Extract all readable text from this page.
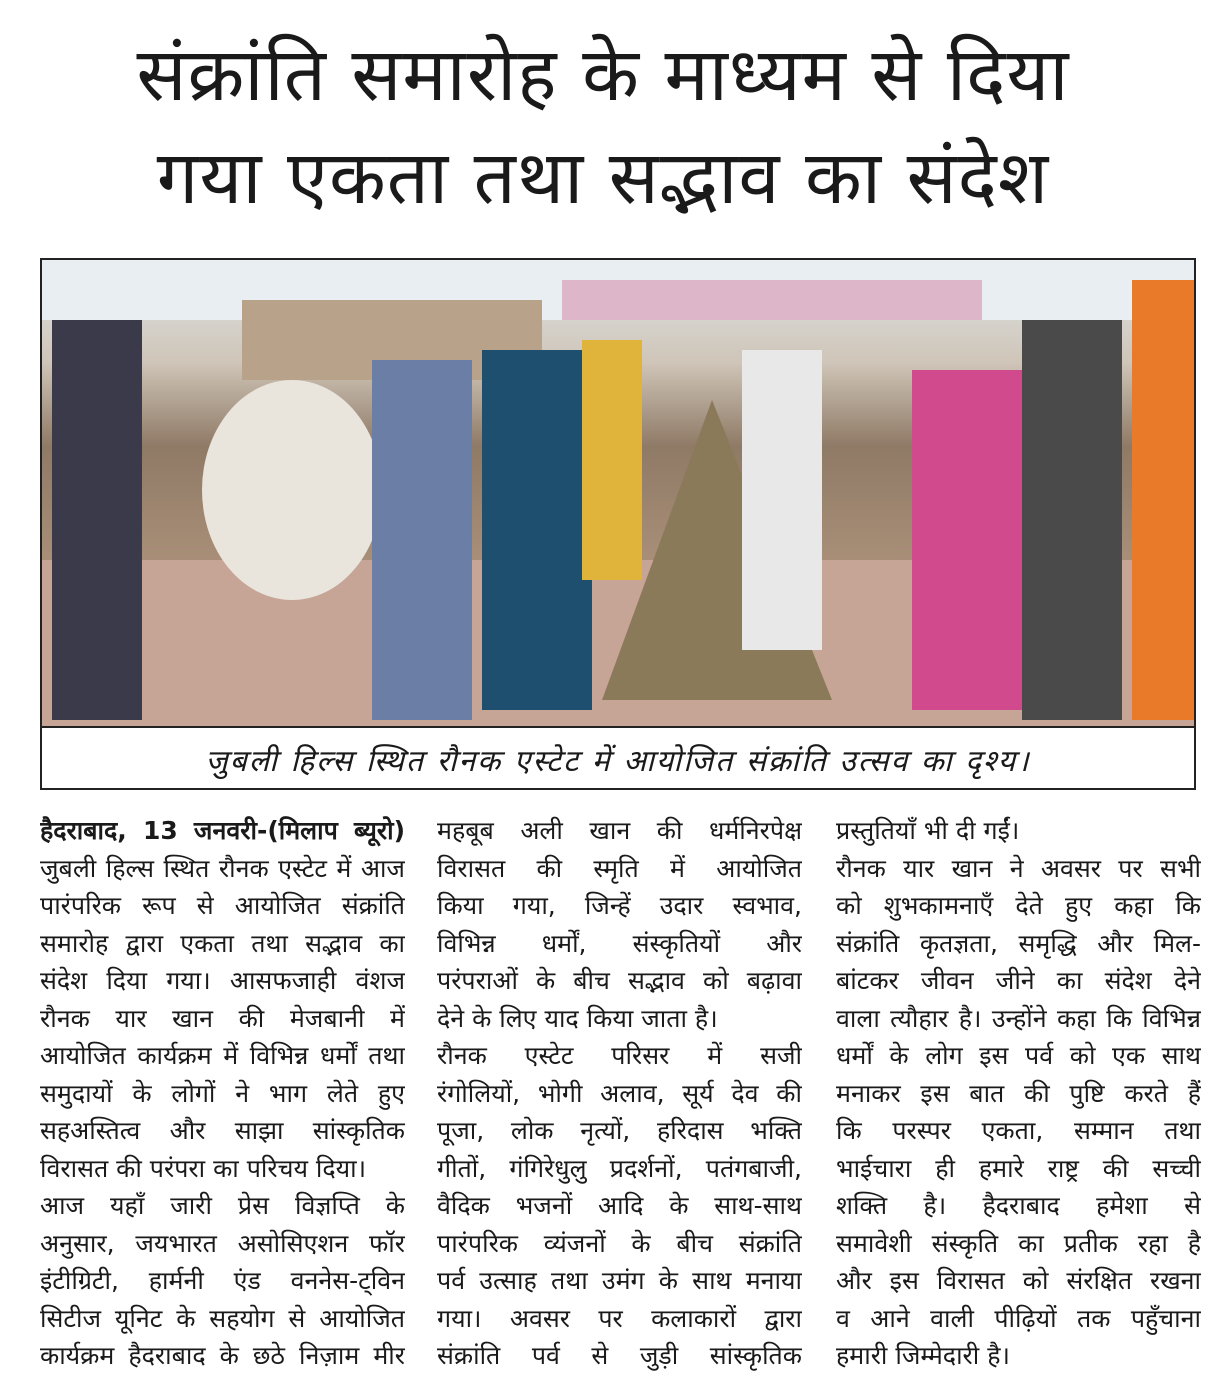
संक्रांति समारोह के माध्यम से दिया
गया एकता तथा सद्भाव का संदेश
जुबली हिल्स स्थित रौनक एस्टेट में आयोजित संक्रांति उत्सव का दृश्य।
हैदराबाद, 13 जनवरी-(मिलाप ब्यूरो)
जुबली हिल्स स्थित रौनक एस्टेट में आज
पारंपरिक रूप से आयोजित संक्रांति
समारोह द्वारा एकता तथा सद्भाव का
संदेश दिया गया। आसफजाही वंशज
रौनक यार खान की मेजबानी में
आयोजित कार्यक्रम में विभिन्न धर्मों तथा
समुदायों के लोगों ने भाग लेते हुए
सहअस्तित्व और साझा सांस्कृतिक
विरासत की परंपरा का परिचय दिया।
आज यहाँ जारी प्रेस विज्ञप्ति के
अनुसार, जयभारत असोसिएशन फॉर
इंटीग्रिटी, हार्मनी एंड वननेस-ट्विन
सिटीज यूनिट के सहयोग से आयोजित
कार्यक्रम हैदराबाद के छठे निज़ाम मीर
महबूब अली खान की धर्मनिरपेक्ष
विरासत की स्मृति में आयोजित
किया गया, जिन्हें उदार स्वभाव,
विभिन्न धर्मों, संस्कृतियों और
परंपराओं के बीच सद्भाव को बढ़ावा
देने के लिए याद किया जाता है।
रौनक एस्टेट परिसर में सजी
रंगोलियों, भोगी अलाव, सूर्य देव की
पूजा, लोक नृत्यों, हरिदास भक्ति
गीतों, गंगिरेधुलु प्रदर्शनों, पतंगबाजी,
वैदिक भजनों आदि के साथ-साथ
पारंपरिक व्यंजनों के बीच संक्रांति
पर्व उत्साह तथा उमंग के साथ मनाया
गया। अवसर पर कलाकारों द्वारा
संक्रांति पर्व से जुड़ी सांस्कृतिक
प्रस्तुतियाँ भी दी गईं।
रौनक यार खान ने अवसर पर सभी
को शुभकामनाएँ देते हुए कहा कि
संक्रांति कृतज्ञता, समृद्धि और मिल-
बांटकर जीवन जीने का संदेश देने
वाला त्यौहार है। उन्होंने कहा कि विभिन्न
धर्मों के लोग इस पर्व को एक साथ
मनाकर इस बात की पुष्टि करते हैं
कि परस्पर एकता, सम्मान तथा
भाईचारा ही हमारे राष्ट्र की सच्ची
शक्ति है। हैदराबाद हमेशा से
समावेशी संस्कृति का प्रतीक रहा है
और इस विरासत को संरक्षित रखना
व आने वाली पीढ़ियों तक पहुँचाना
हमारी जिम्मेदारी है।
